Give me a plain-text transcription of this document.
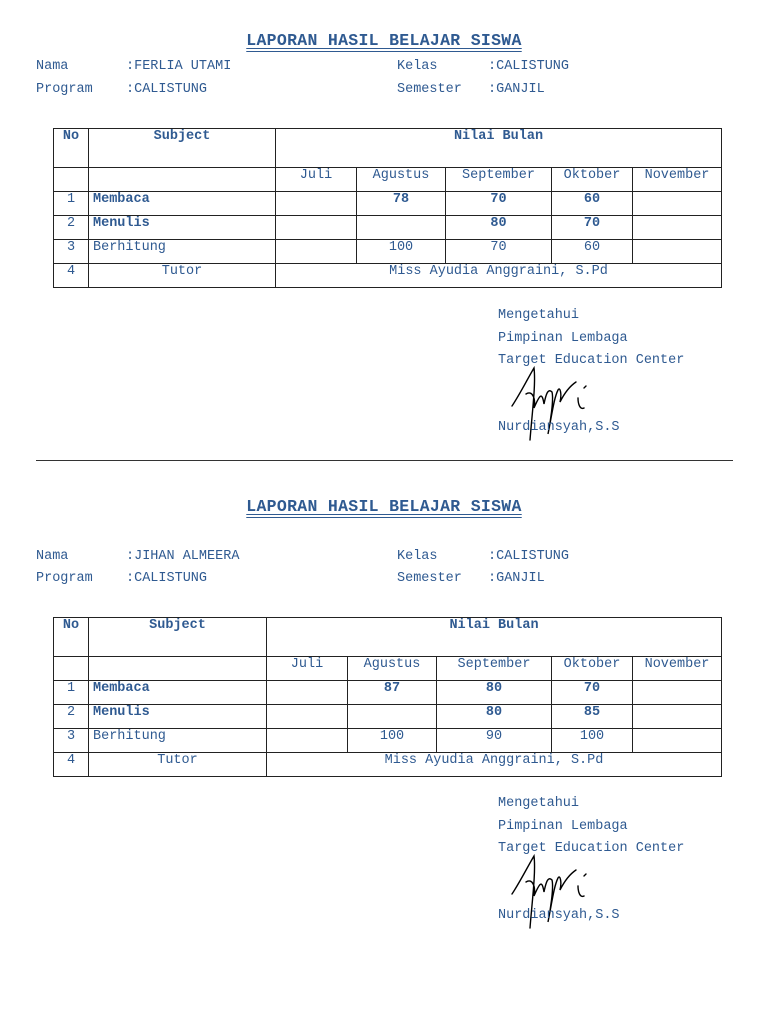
LAPORAN HASIL BELAJAR SISWA
Nama	:FERLIA UTAMI	Kelas	:CALISTUNG
Program :CALISTUNG	Semester :GANJIL
No	Subject	Nilai Bulan				
		Juli	Agustus	September	Oktober	November
1	Membaca		78	70	60	
2	Menulis			80	70	
3	Berhitung		100	70	60	
4	Tutor	Miss Ayudia Anggraini, S.Pd				
Mengetahui
Pimpinan Lembaga
Target Education Center
Nurdiansyah,S.S
LAPORAN HASIL BELAJAR SISWA
Nama	:JIHAN ALMEERA	Kelas	:CALISTUNG
Program :CALISTUNG	Semester :GANJIL
No	Subject	Nilai Bulan				
		Juli	Agustus	September	Oktober	November
1	Membaca		87	80	70	
2	Menulis			80	85	
3	Berhitung		100	90	100	
4	Tutor	Miss Ayudia Anggraini, S.Pd				
Mengetahui
Pimpinan Lembaga
Target Education Center
Nurdiansyah,S.S
